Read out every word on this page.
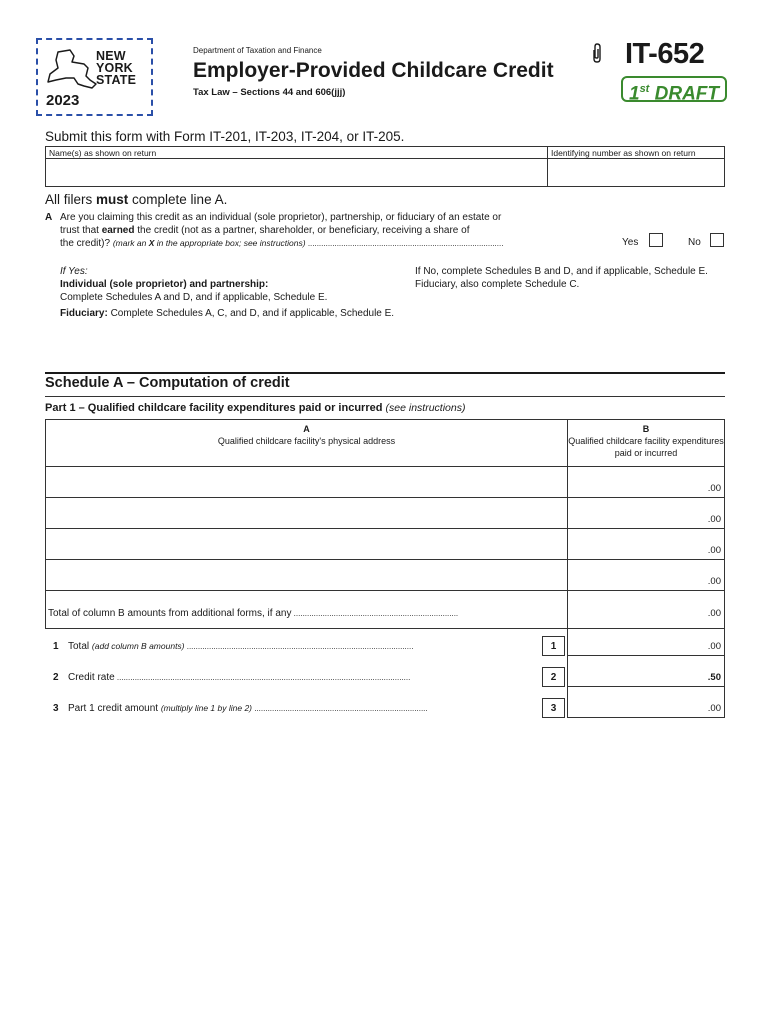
NEW
YORK
STATE
2023
Department of Taxation and Finance
Employer-Provided Childcare Credit
Tax Law – Sections 44 and 606(jjj)
IT-652
1st DRAFT
Submit this form with Form IT-201, IT-203, IT-204, or IT-205.
Name(s) as shown on return	Identifying number as shown on return
All filers must complete line A.
A Are you claiming this credit as an individual (sole proprietor), partnership, or fiduciary of an estate or
trust that earned the credit (not as a partner, shareholder, or beneficiary, receiving a share of
the credit)? (mark an X in the appropriate box; see instructions) ........................................................................................	Yes	No
If Yes:
Individual (sole proprietor) and partnership:
Complete Schedules A and D, and if applicable, Schedule E.
Fiduciary: Complete Schedules A, C, and D, and if applicable, Schedule E.
If No, complete Schedules B and D, and if applicable, Schedule E. Fiduciary, also complete Schedule C.
Schedule A – Computation of credit
Part 1 – Qualified childcare facility expenditures paid or incurred (see instructions)
A
Qualified childcare facility's physical address
B
Qualified childcare facility expenditures paid or incurred
.00
.00
.00
.00
Total of column B amounts from additional forms, if any ..........................................................................	.00
1 Total (add column B amounts) ......................................................................................................	1	.00
2 Credit rate ....................................................................................................................................	2	.50
3 Part 1 credit amount (multiply line 1 by line 2) ..............................................................................	3	.00
